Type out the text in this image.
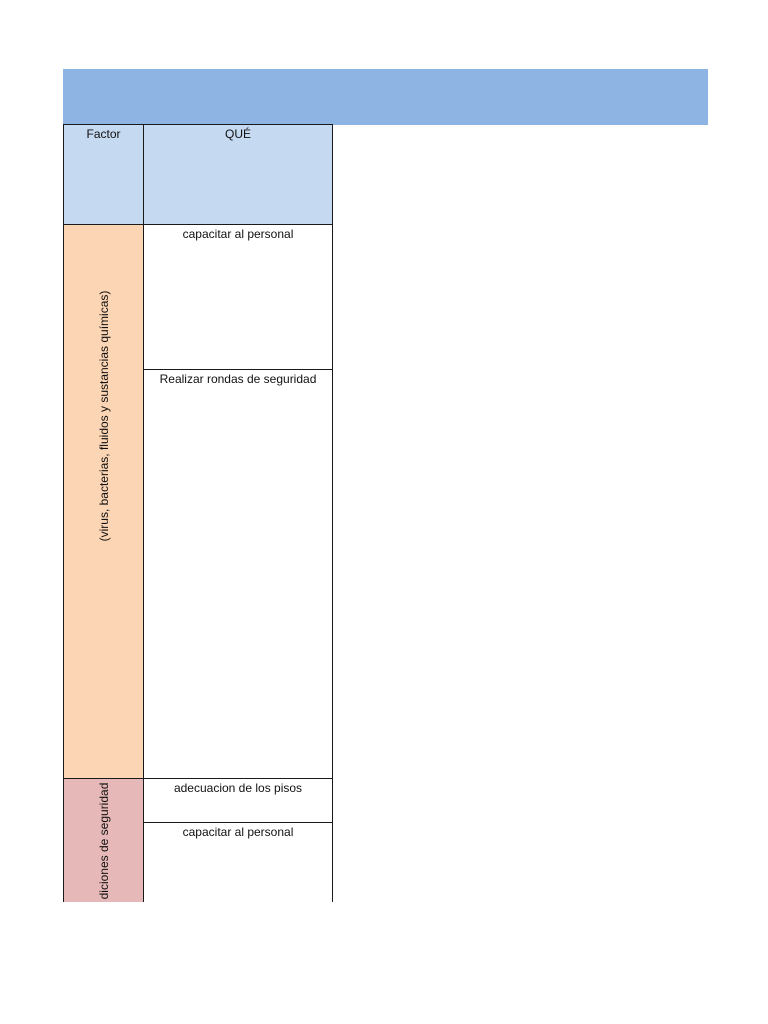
Factor	QUÉ
(virus, bacterias, fluidos y sustancias químicas)
diciones de seguridad
capacitar al personal
Realizar rondas de seguridad
adecuacion de los pisos
capacitar al personal
